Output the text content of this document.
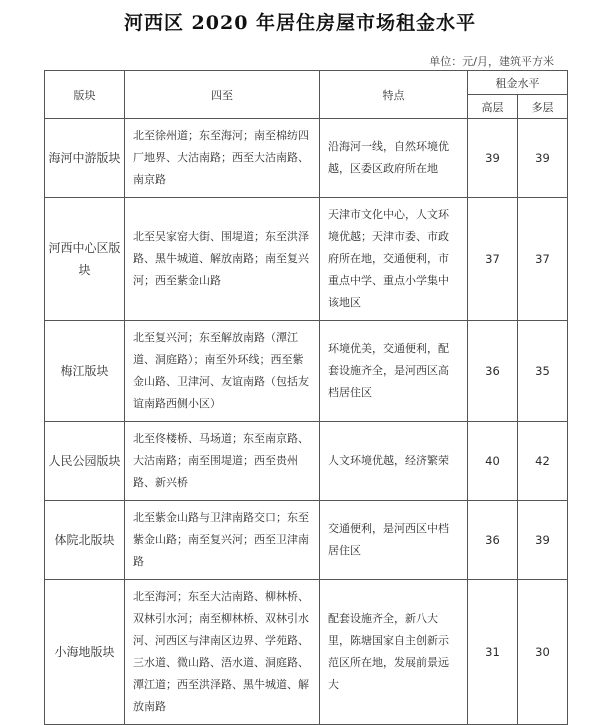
河西区 2020 年居住房屋市场租金水平
单位：元/月，建筑平方米
版块	四至	特点	租金水平	
			高层	多层
海河中游版块	北至徐州道；东至海河；南至棉纺四厂地界、大沽南路；西至大沽南路、南京路	沿海河一线，自然环境优越，区委区政府所在地	39	39
河西中心区版块	北至吴家窑大街、围堤道；东至洪泽路、黑牛城道、解放南路；南至复兴河；西至紫金山路	天津市文化中心，人文环境优越；天津市委、市政府所在地，交通便利，市重点中学、重点小学集中该地区	37	37
梅江版块	北至复兴河；东至解放南路（潭江道、洞庭路）；南至外环线；西至紫金山路、卫津河、友谊南路（包括友谊南路西侧小区）	环境优美，交通便利，配套设施齐全，是河西区高档居住区	36	35
人民公园版块	北至佟楼桥、马场道；东至南京路、大沽南路；南至围堤道；西至贵州路、新兴桥	人文环境优越，经济繁荣	40	42
体院北版块	北至紫金山路与卫津南路交口；东至紫金山路；南至复兴河；西至卫津南路	交通便利，是河西区中档居住区	36	39
小海地版块	北至海河；东至大沽南路、柳林桥、双林引水河；南至柳林桥、双林引水河、河西区与津南区边界、学苑路、三水道、微山路、浯水道、洞庭路、潭江道；西至洪泽路、黑牛城道、解放南路	配套设施齐全，新八大里，陈塘国家自主创新示范区所在地，发展前景远大	31	30
